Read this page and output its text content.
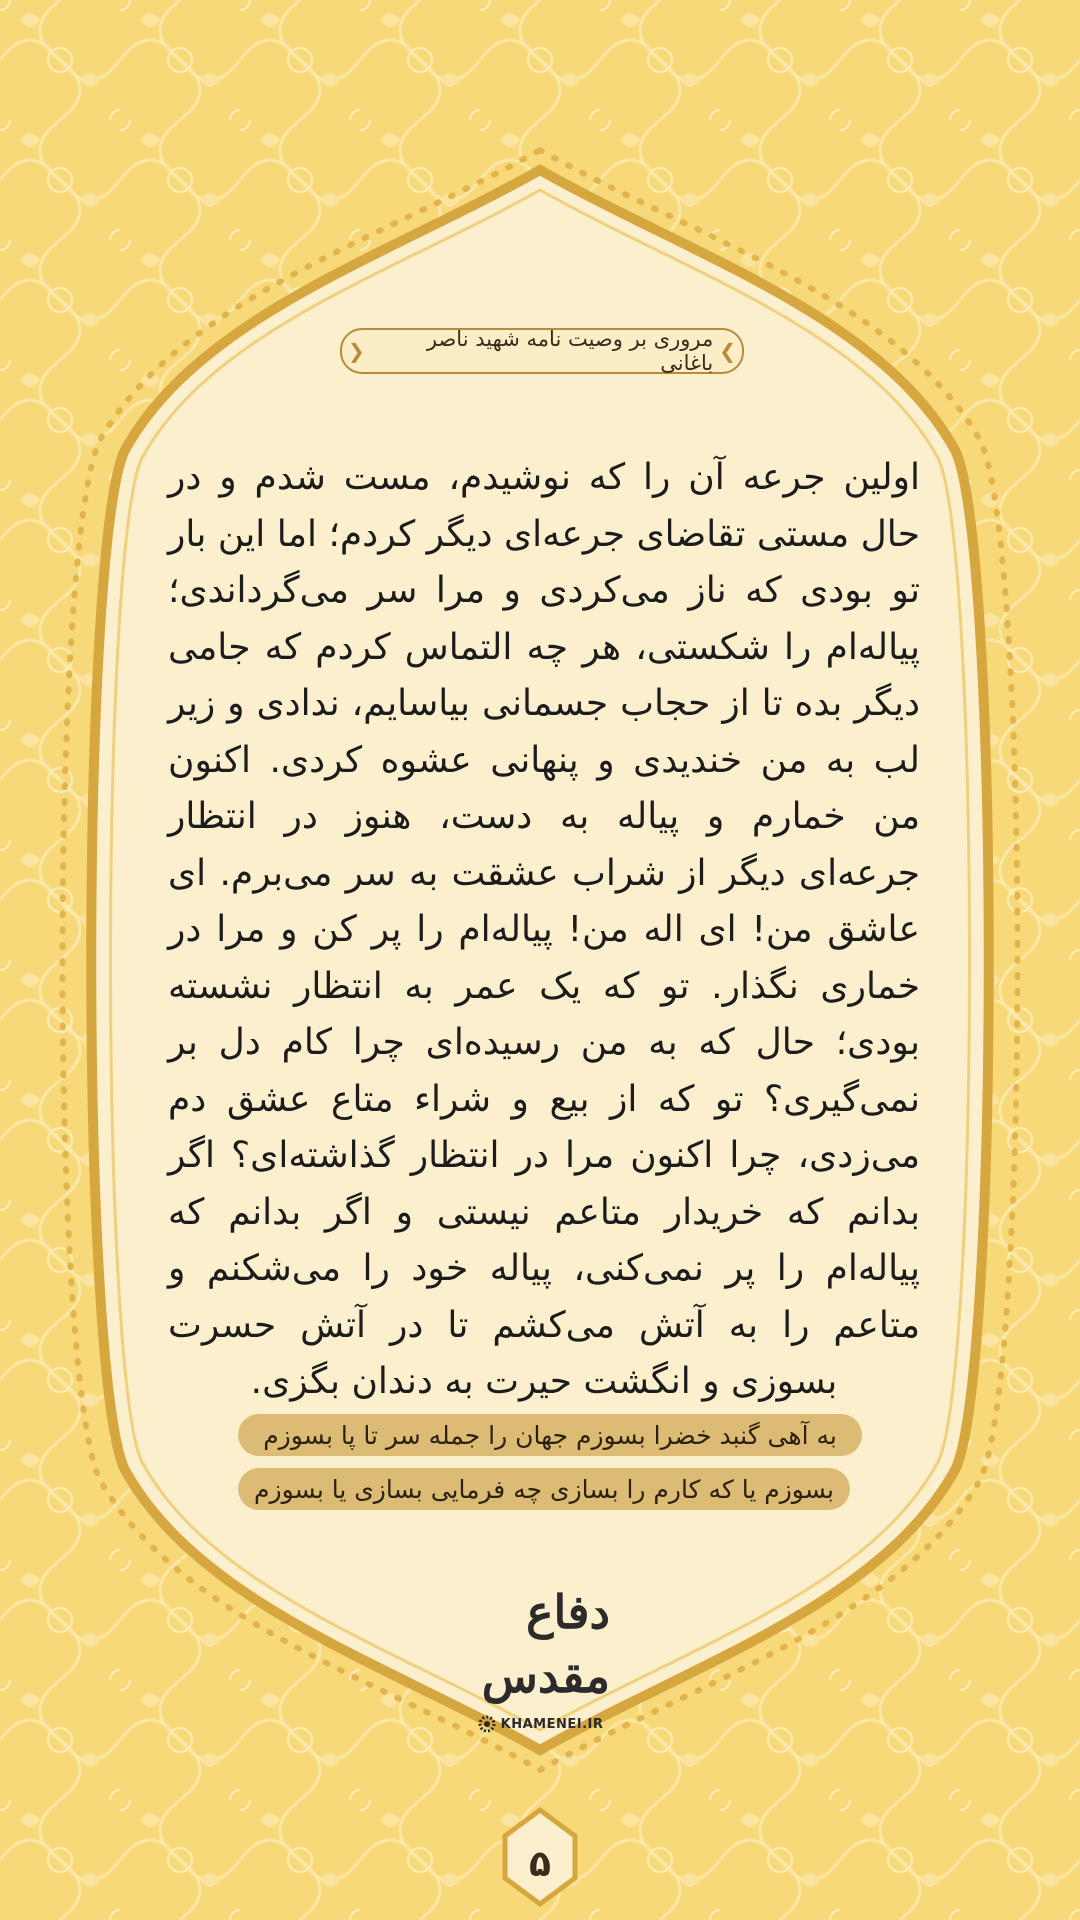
❯
مروری بر وصیت نامه شهید ناصر باغانی
❮
اولین جرعه آن را که نوشیدم، مست شدم و در حال مستی تقاضای جرعه‌ای دیگر کردم؛ اما این بار تو بودی که ناز می‌کردی و مرا سر می‌گرداندی؛ پیاله‌ام را شکستی، هر چه التماس کردم که جامی دیگر بده تا از حجاب جسمانی بیاسایم، ندادی و زیر لب به من خندیدی و پنهانی عشوه کردی. اکنون من خمارم و پیاله به دست، هنوز در انتظار جرعه‌ای دیگر از شراب عشقت به سر می‌برم. ای عاشق من! ای اله من! پیاله‌ام را پر کن و مرا در خماری نگذار. تو که یک عمر به انتظار نشسته بودی؛ حال که به من رسیده‌ای چرا کام دل بر نمی‌گیری؟ تو که از بیع و شراء متاع عشق دم می‌زدی، چرا اکنون مرا در انتظار گذاشته‌ای؟ اگر بدانم که خریدار متاعم نیستی و اگر بدانم که پیاله‌ام را پر نمی‌کنی، پیاله خود را می‌شکنم و متاعم را به آتش می‌کشم تا در آتش حسرت بسوزی و انگشت حیرت به دندان بگزی.
به آهی گنبد خضرا بسوزم جهان را جمله سر تا پا بسوزم
بسوزم یا که کارم را بسازی چه فرمایی بسازی یا بسوزم
دفاع مقدس
KHAMENEI.IR
۵
